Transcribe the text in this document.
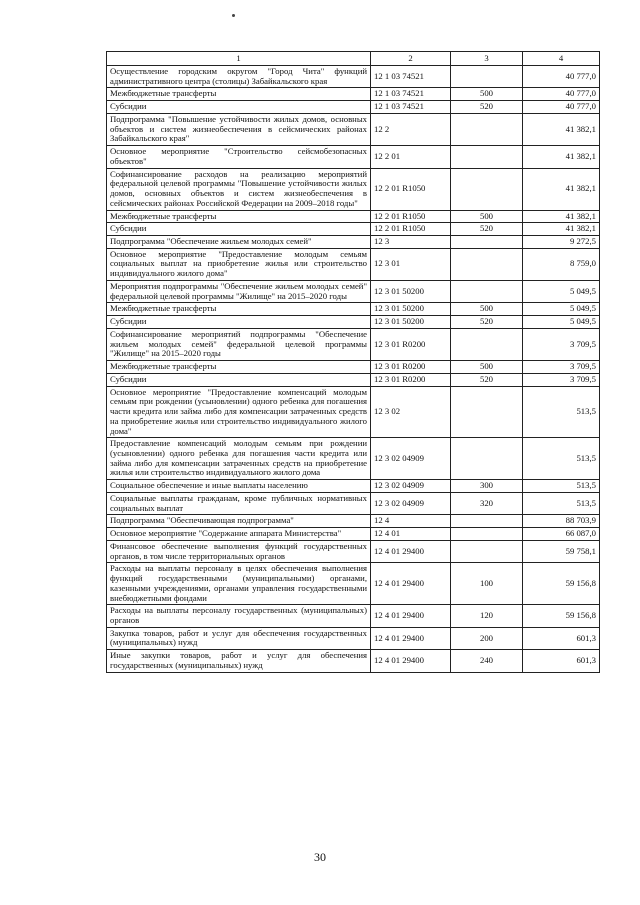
1	2	3	4
Осуществление городским округом "Город Чита" функций административного центра (столицы) Забайкальского края	12 1 03 74521		40 777,0
Межбюджетные трансферты	12 1 03 74521	500	40 777,0
Субсидии	12 1 03 74521	520	40 777,0
Подпрограмма "Повышение устойчивости жилых домов, основных объектов и систем жизнеобеспечения в сейсмических районах Забайкальского края"	12 2		41 382,1
Основное мероприятие "Строительство сейсмобезопасных объектов"	12 2 01		41 382,1
Софинансирование расходов на реализацию мероприятий федеральной целевой программы "Повышение устойчивости жилых домов, основных объектов и систем жизнеобеспечения в сейсмических районах Российской Федерации на 2009–2018 годы"	12 2 01 R1050		41 382,1
Межбюджетные трансферты	12 2 01 R1050	500	41 382,1
Субсидии	12 2 01 R1050	520	41 382,1
Подпрограмма "Обеспечение жильем молодых семей"	12 3		9 272,5
Основное мероприятие "Предоставление молодым семьям социальных выплат на приобретение жилья или строительство индивидуального жилого дома"	12 3 01		8 759,0
Мероприятия подпрограммы "Обеспечение жильем молодых семей" федеральной целевой программы "Жилище" на 2015–2020 годы	12 3 01 50200		5 049,5
Межбюджетные трансферты	12 3 01 50200	500	5 049,5
Субсидии	12 3 01 50200	520	5 049,5
Софинансирование мероприятий подпрограммы "Обеспечение жильем молодых семей" федеральной целевой программы "Жилище" на 2015–2020 годы	12 3 01 R0200		3 709,5
Межбюджетные трансферты	12 3 01 R0200	500	3 709,5
Субсидии	12 3 01 R0200	520	3 709,5
Основное мероприятие "Предоставление компенсаций молодым семьям при рождении (усыновлении) одного ребенка для погашения части кредита или займа либо для компенсации затраченных средств на приобретение жилья или строительство индивидуального жилого дома"	12 3 02		513,5
Предоставление компенсаций молодым семьям при рождении (усыновлении) одного ребенка для погашения части кредита или займа либо для компенсации затраченных средств на приобретение жилья или строительство индивидуального жилого дома	12 3 02 04909		513,5
Социальное обеспечение и иные выплаты населению	12 3 02 04909	300	513,5
Социальные выплаты гражданам, кроме публичных нормативных социальных выплат	12 3 02 04909	320	513,5
Подпрограмма "Обеспечивающая подпрограмма"	12 4		88 703,9
Основное мероприятие "Содержание аппарата Министерства"	12 4 01		66 087,0
Финансовое обеспечение выполнения функций государственных органов, в том числе территориальных органов	12 4 01 29400		59 758,1
Расходы на выплаты персоналу в целях обеспечения выполнения функций государственными (муниципальными) органами, казенными учреждениями, органами управления государственными внебюджетными фондами	12 4 01 29400	100	59 156,8
Расходы на выплаты персоналу государственных (муниципальных) органов	12 4 01 29400	120	59 156,8
Закупка товаров, работ и услуг для обеспечения государственных (муниципальных) нужд	12 4 01 29400	200	601,3
Иные закупки товаров, работ и услуг для обеспечения государственных (муниципальных) нужд	12 4 01 29400	240	601,3
30
